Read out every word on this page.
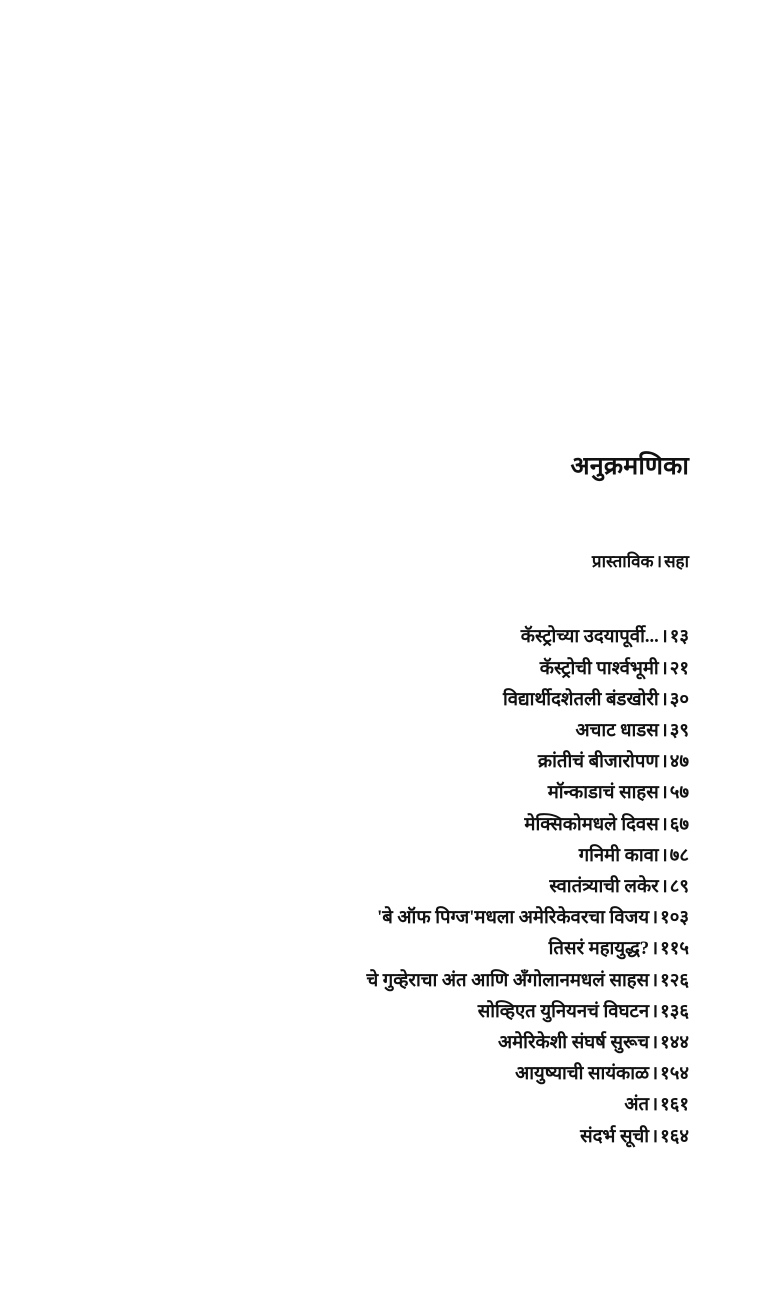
अनुक्रमणिका
प्रास्ताविक । सहा
कॅस्ट्रोच्या उदयापूर्वी... । १३
कॅस्ट्रोची पार्श्वभूमी । २१
विद्यार्थीदशेतली बंडखोरी । ३०
अचाट धाडस । ३९
क्रांतीचं बीजारोपण । ४७
मॉन्काडाचं साहस । ५७
मेक्सिकोमधले दिवस । ६७
गनिमी कावा । ७८
स्वातंत्र्याची लकेर । ८९
'बे ऑफ पिग्ज'मधला अमेरिकेवरचा विजय । १०३
तिसरं महायुद्ध? । ११५
चे गुव्हेराचा अंत आणि अँगोलानमधलं साहस । १२६
सोव्हिएत युनियनचं विघटन । १३६
अमेरिकेशी संघर्ष सुरूच । १४४
आयुष्याची सायंकाळ । १५४
अंत । १६१
संदर्भ सूची । १६४
